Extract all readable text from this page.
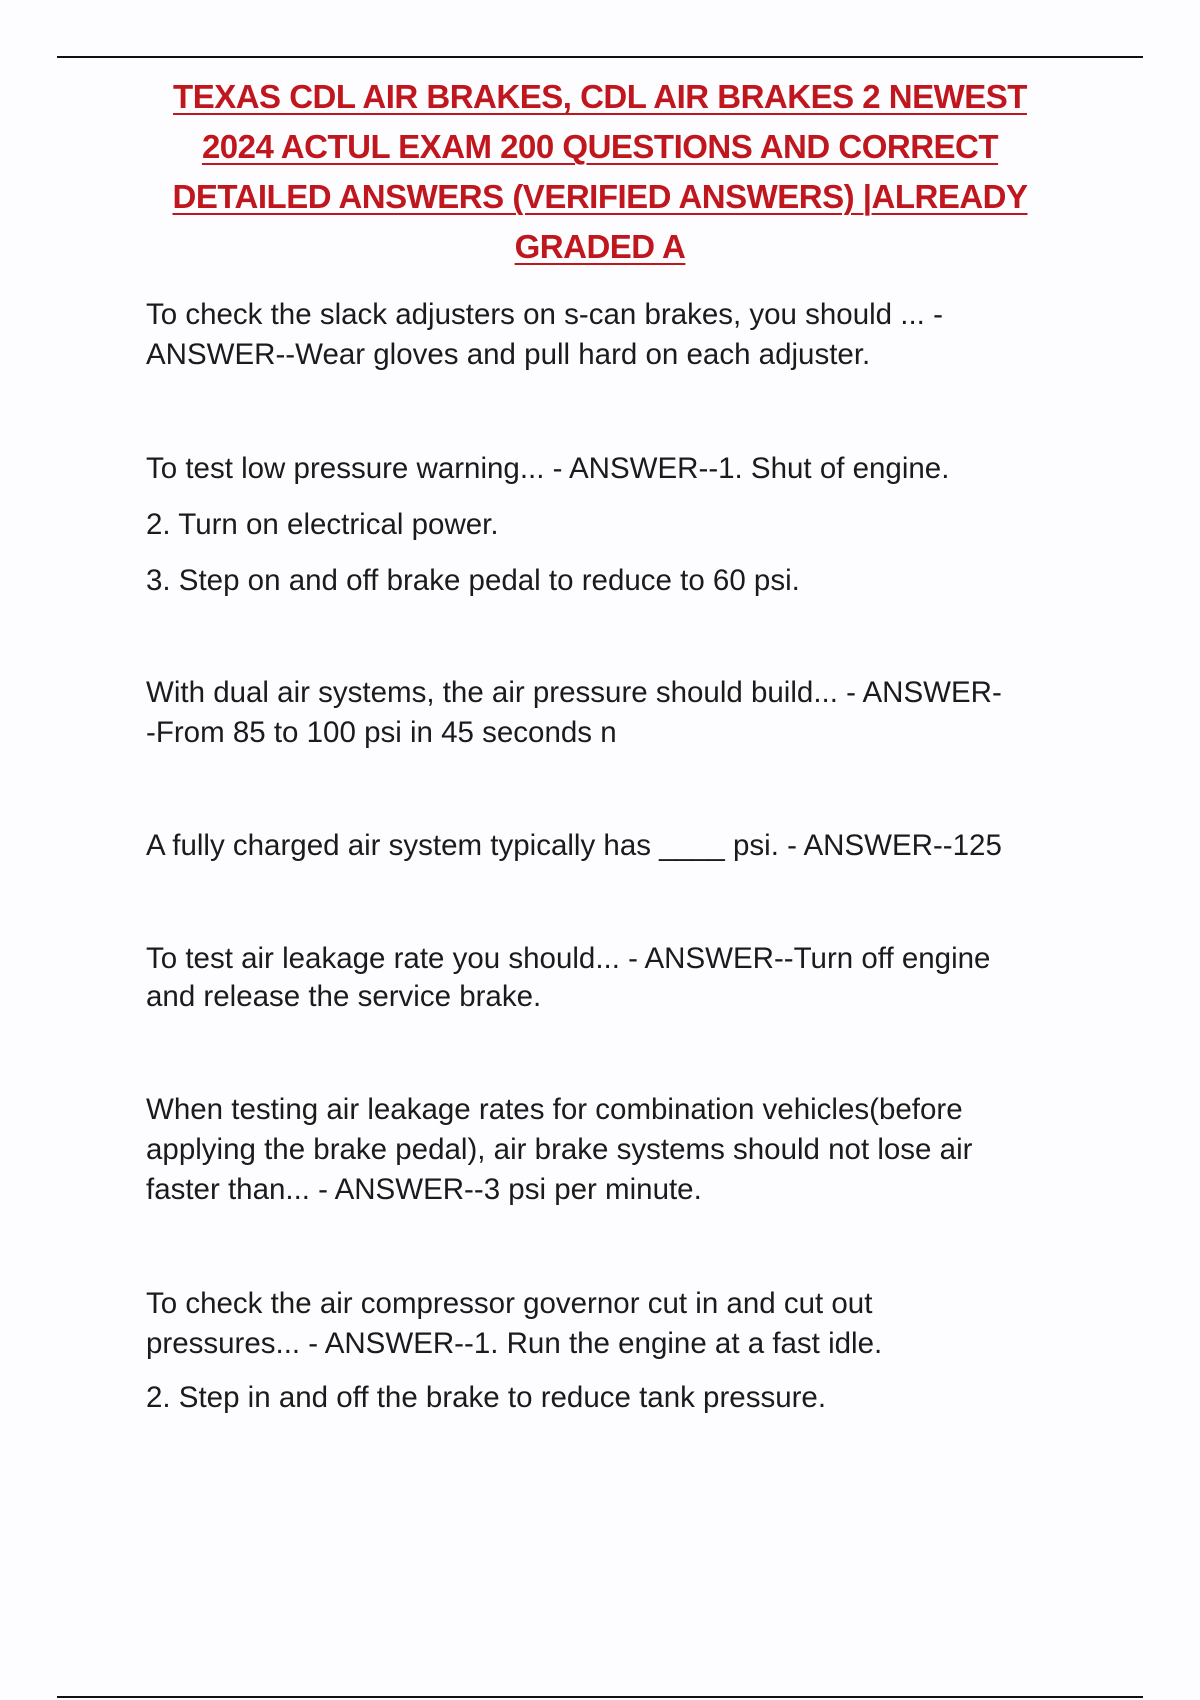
TEXAS CDL AIR BRAKES, CDL AIR BRAKES 2 NEWEST
2024 ACTUL EXAM 200 QUESTIONS AND CORRECT
DETAILED ANSWERS (VERIFIED ANSWERS) |ALREADY
GRADED A
To check the slack adjusters on s-can brakes, you should ... -
ANSWER--Wear gloves and pull hard on each adjuster.
To test low pressure warning... - ANSWER--1. Shut of engine.
2. Turn on electrical power.
3. Step on and off brake pedal to reduce to 60 psi.
With dual air systems, the air pressure should build... - ANSWER-
-From 85 to 100 psi in 45 seconds n
A fully charged air system typically has ____ psi. - ANSWER--125
To test air leakage rate you should... - ANSWER--Turn off engine
and release the service brake.
When testing air leakage rates for combination vehicles(before
applying the brake pedal), air brake systems should not lose air
faster than... - ANSWER--3 psi per minute.
To check the air compressor governor cut in and cut out
pressures... - ANSWER--1. Run the engine at a fast idle.
2. Step in and off the brake to reduce tank pressure.
